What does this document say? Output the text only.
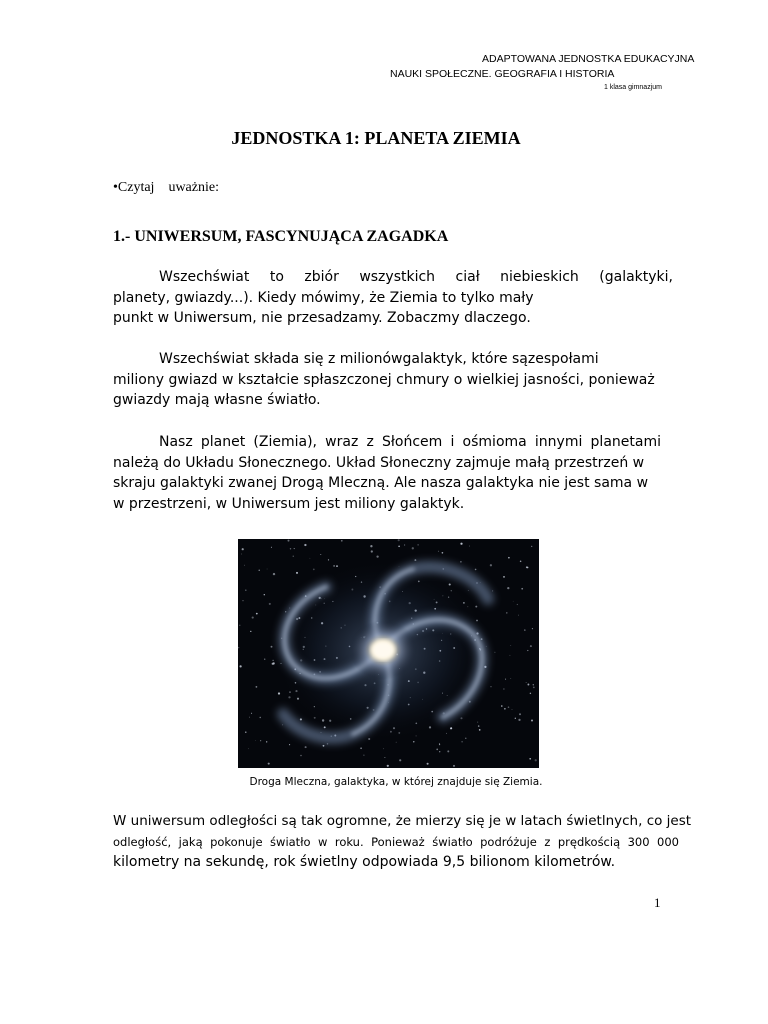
ADAPTOWANA JEDNOSTKA EDUKACYJNA
NAUKI SPOŁECZNE. GEOGRAFIA I HISTORIA
1 klasa gimnazjum
JEDNOSTKA 1: PLANETA ZIEMIA
•Czytaj    uważnie:
1.- UNIWERSUM, FASCYNUJĄCA ZAGADKA
Wszechświat to zbiór wszystkich ciał niebieskich (galaktyki,
planety, gwiazdy...). Kiedy mówimy, że Ziemia to tylko mały
punkt w Uniwersum, nie przesadzamy. Zobaczmy dlaczego.
Wszechświat składa się z milionówgalaktyk, które sązespołami
miliony gwiazd w kształcie spłaszczonej chmury o wielkiej jasności, ponieważ
gwiazdy mają własne światło.
Nasz planet (Ziemia), wraz z Słońcem i ośmioma innymi planetami
należą do Układu Słonecznego. Układ Słoneczny zajmuje małą przestrzeń w
skraju galaktyki zwanej Drogą Mleczną. Ale nasza galaktyka nie jest sama w
w przestrzeni, w Uniwersum jest miliony galaktyk.
Droga Mleczna, galaktyka, w której znajduje się Ziemia.
W uniwersum odległości są tak ogromne, że mierzy się je w latach świetlnych, co jest
odległość, jaką pokonuje światło w roku. Ponieważ światło podróżuje z prędkością 300 000
kilometry na sekundę, rok świetlny odpowiada 9,5 bilionom kilometrów.
1
